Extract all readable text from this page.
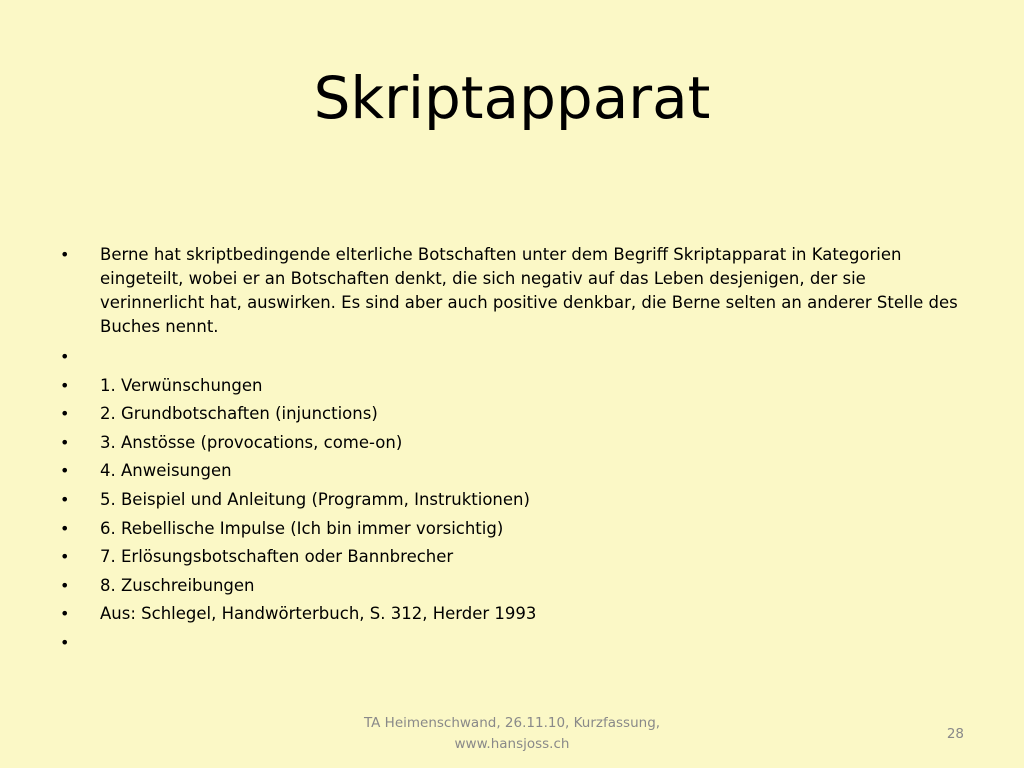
Skriptapparat
• Berne hat skriptbedingende elterliche Botschaften unter dem Begriff Skriptapparat in Kategorien eingeteilt, wobei er an Botschaften denkt, die sich negativ auf das Leben desjenigen, der sie verinnerlicht hat, auswirken. Es sind aber auch positive denkbar, die Berne selten an anderer Stelle des Buches nennt.
•
• 1. Verwünschungen
• 2. Grundbotschaften (injunctions)
• 3. Anstösse (provocations, come-on)
• 4. Anweisungen
• 5. Beispiel und Anleitung (Programm, Instruktionen)
• 6. Rebellische Impulse (Ich bin immer vorsichtig)
• 7. Erlösungsbotschaften oder Bannbrecher
• 8. Zuschreibungen
• Aus: Schlegel, Handwörterbuch, S. 312, Herder 1993
•
TA Heimenschwand, 26.11.10, Kurzfassung, www.hansjoss.ch
28
